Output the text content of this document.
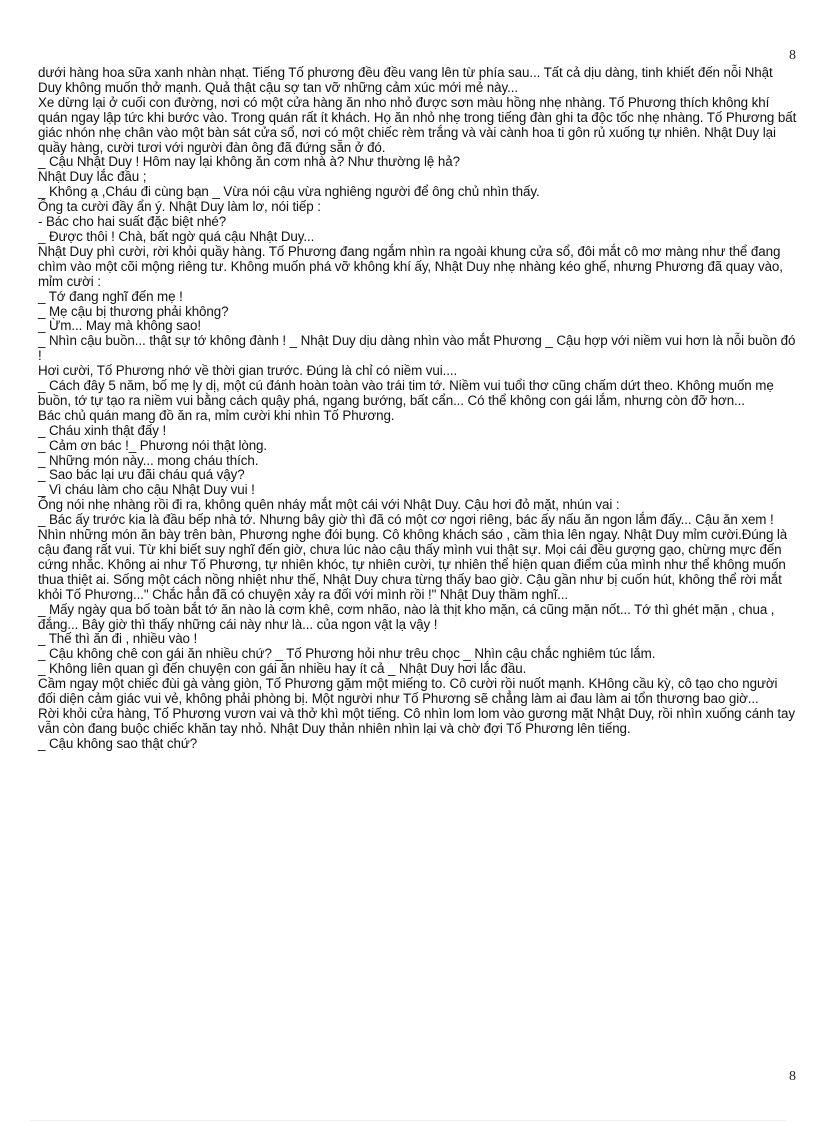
8

dưới hàng hoa sữa xanh nhàn nhạt. Tiếng Tố phương đều đều vang lên từ phía sau... Tất cả dịu dàng, tinh khiết đến nỗi Nhật Duy không muốn thở mạnh. Quả thật cậu sợ tan vỡ những cảm xúc mới mẻ này...

Xe dừng lại ở cuối con đường, nơi có một cửa hàng ăn nho nhỏ được sơn màu hồng nhẹ nhàng. Tố Phương thích không khí quán ngay lập tức khi bước vào. Trong quán rất ít khách. Họ ăn nhỏ nhẹ trong tiếng đàn ghi ta độc tốc nhẹ nhàng. Tố Phương bất giác nhón nhẹ chân vào một bàn sát cửa sổ, nơi có một chiếc rèm trắng và vài cành hoa ti gôn rủ xuống tự nhiên. Nhật Duy lại quầy hàng, cười tươi với người đàn ông đã đứng sẵn ở đó.

_ Cậu Nhật Duy ! Hôm nay lại không ăn cơm nhà à? Như thường lệ hả?

Nhật Duy lắc đầu ;

_ Không ạ ,Cháu đi cùng bạn _ Vừa nói cậu vừa nghiêng người để ông chủ nhìn thấy.

Ông ta cười đầy ẩn ý. Nhật Duy làm lơ, nói tiếp :

- Bác cho hai suất đặc biệt nhé?

_ Được thôi ! Chà, bất ngờ quá cậu Nhật Duy...

Nhật Duy phì cười, rời khỏi quầy hàng. Tố Phương đang ngắm nhìn ra ngoài khung cửa sổ, đôi mắt cô mơ màng như thể đang chìm vào một cõi mộng riêng tư. Không muốn phá vỡ không khí ấy, Nhật Duy nhẹ nhàng kéo ghế, nhưng Phương đã quay vào, mỉm cười :

_ Tớ đang nghĩ đến mẹ !

_ Mẹ cậu bị thương phải không?

_ Ừm... May mà không sao!

_ Nhìn cậu buồn... thật sự tớ không đành ! _ Nhật Duy dịu dàng nhìn vào mắt Phương _ Cậu hợp với niềm vui hơn là nỗi buồn đó !

Hơi cười, Tố Phương nhớ về thời gian trước. Đúng là chỉ có niềm vui....

_ Cách đây 5 năm, bố mẹ ly dị, một cú đánh hoàn toàn vào trái tim tớ. Niềm vui tuổi thơ cũng chấm dứt theo. Không muốn mẹ buồn, tớ tự tạo ra niềm vui bằng cách quậy phá, ngang bướng, bất cẩn... Có thể không con gái lắm, nhưng còn đỡ hơn...

Bác chủ quán mang đồ ăn ra, mỉm cười khi nhìn Tố Phương.

_ Cháu xinh thật đấy !

_ Cảm ơn bác !_ Phương nói thật lòng.

_ Những món này... mong cháu thích.

_ Sao bác lại ưu đãi cháu quá vậy?

_ Vì cháu làm cho cậu Nhật Duy vui !

Ông nói nhẹ nhàng rồi đi ra, không quên nháy mắt một cái với Nhật Duy. Cậu hơi đỏ mặt, nhún vai :

_ Bác ấy trước kia là đầu bếp nhà tớ. Nhưng bây giờ thì đã có một cơ ngơi riêng, bác ấy nấu ăn ngon lắm đấy... Cậu ăn xem !

Nhìn những món ăn bày trên bàn, Phương nghe đói bụng. Cô không khách sáo , cầm thìa lên ngay. Nhật Duy mỉm cười.Đúng là cậu đang rất vui. Từ khi biết suy nghĩ đến giờ, chưa lúc nào cậu thấy mình vui thật sự. Mọi cái đều gượng gạo, chừng mực đến cứng nhắc. Không ai như Tố Phương, tự nhiên khóc, tự nhiên cười, tự nhiên thể hiện quan điểm của mình như thể không muốn thua thiệt ai. Sống một cách nồng nhiệt như thế, Nhật Duy chưa từng thấy bao giờ. Cậu gần như bị cuốn hút, không thể rời mắt khỏi Tố Phương..." Chắc hẳn đã có chuyện xảy ra đối với mình rồi !" Nhật Duy thầm nghĩ...

_ Mấy ngày qua bố toàn bắt tớ ăn nào là cơm khê, cơm nhão, nào là thịt kho mặn, cá cũng mặn nốt... Tớ thì ghét mặn , chua , đắng... Bây giờ thì thấy những cái này như là... của ngon vật lạ vậy !

_ Thế thì ăn đi , nhiều vào !

_ Cậu không chê con gái ăn nhiều chứ? _ Tố Phương hỏi như trêu chọc _ Nhìn cậu chắc nghiêm túc lắm.

_ Không liên quan gì đến chuyện con gái ăn nhiều hay ít cả _ Nhật Duy hơi lắc đầu.

Cầm ngay một chiếc đùi gà vàng giòn, Tố Phương gặm một miếng to. Cô cười rồi nuốt mạnh. KHông cầu kỳ, cô tạo cho người đối diện cảm giác vui vẻ, không phải phòng bị. Một người như Tố Phương sẽ chẳng làm ai đau làm ai tổn thương bao giờ...

Rời khỏi cửa hàng, Tố Phương vươn vai và thở khì một tiếng. Cô nhìn lom lom vào gương mặt Nhật Duy, rồi nhìn xuống cánh tay vẫn còn đang buộc chiếc khăn tay nhỏ. Nhật Duy thản nhiên nhìn lại và chờ đợi Tố Phương lên tiếng.

_ Cậu không sao thật chứ?

8
